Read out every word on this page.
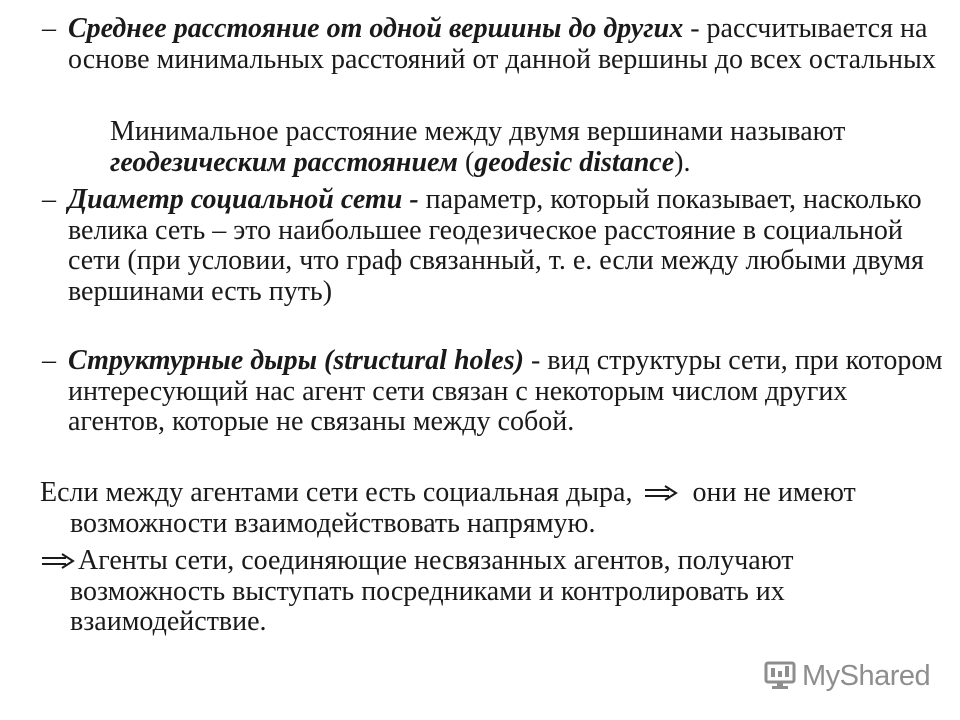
– Среднее расстояние от одной вершины до других - рассчитывается на основе минимальных расстояний от данной вершины до всех остальных

Минимальное расстояние между двумя вершинами называют геодезическим расстоянием (geodesic distance).

– Диаметр социальной сети - параметр, который показывает, насколько велика сеть – это наибольшее геодезическое расстояние в социальной сети (при условии, что граф связанный, т. е. если между любыми двумя вершинами есть путь)

– Структурные дыры (structural holes) - вид структуры сети, при котором интересующий нас агент сети связан с некоторым числом других агентов, которые не связаны между собой.

Если между агентами сети есть социальная дыра,  они не имеют возможности взаимодействовать напрямую.

Агенты сети, соединяющие несвязанных агентов, получают возможность выступать посредниками и контролировать их взаимодействие.

MyShared
